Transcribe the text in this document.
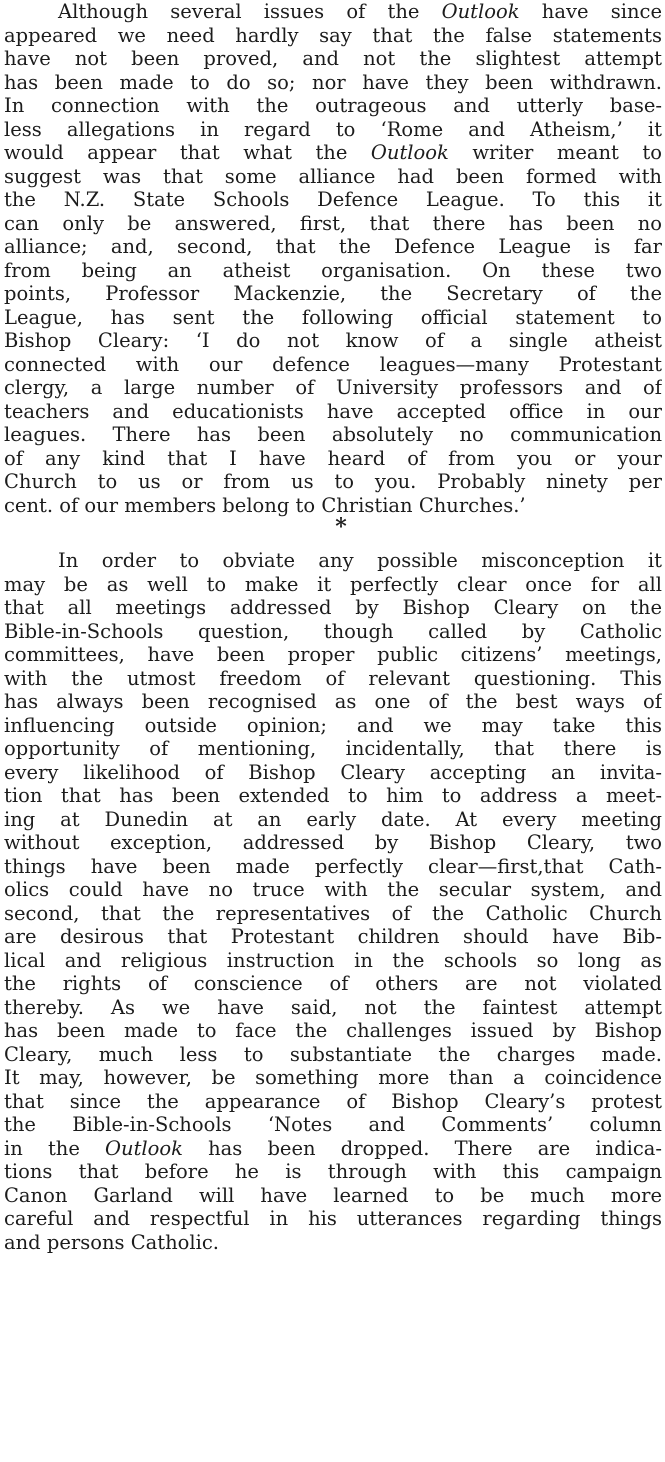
Although several issues of the Outlook have since
appeared we need hardly say that the false statements
have not been proved, and not the slightest attempt
has been made to do so; nor have they been withdrawn.
In connection with the outrageous and utterly base-
less allegations in regard to ‘Rome and Atheism,’ it
would appear that what the Outlook writer meant to
suggest was that some alliance had been formed with
the N.Z. State Schools Defence League. To this it
can only be answered, first, that there has been no
alliance; and, second, that the Defence League is far
from being an atheist organisation. On these two
points, Professor Mackenzie, the Secretary of the
League, has sent the following official statement to
Bishop Cleary: ‘I do not know of a single atheist
connected with our defence leagues—many Protestant
clergy, a large number of University professors and of
teachers and educationists have accepted office in our
leagues. There has been absolutely no communication
of any kind that I have heard of from you or your
Church to us or from us to you. Probably ninety per
cent. of our members belong to Christian Churches.’
*
In order to obviate any possible misconception it
may be as well to make it perfectly clear once for all
that all meetings addressed by Bishop Cleary on the
Bible-in-Schools question, though called by Catholic
committees, have been proper public citizens’ meetings,
with the utmost freedom of relevant questioning. This
has always been recognised as one of the best ways of
influencing outside opinion; and we may take this
opportunity of mentioning, incidentally, that there is
every likelihood of Bishop Cleary accepting an invita-
tion that has been extended to him to address a meet-
ing at Dunedin at an early date. At every meeting
without exception, addressed by Bishop Cleary, two
things have been made perfectly clear—first,that Cath-
olics could have no truce with the secular system, and
second, that the representatives of the Catholic Church
are desirous that Protestant children should have Bib-
lical and religious instruction in the schools so long as
the rights of conscience of others are not violated
thereby. As we have said, not the faintest attempt
has been made to face the challenges issued by Bishop
Cleary, much less to substantiate the charges made.
It may, however, be something more than a coincidence
that since the appearance of Bishop Cleary’s protest
the Bible-in-Schools ‘Notes and Comments’ column
in the Outlook has been dropped. There are indica-
tions that before he is through with this campaign
Canon Garland will have learned to be much more
careful and respectful in his utterances regarding things
and persons Catholic.
